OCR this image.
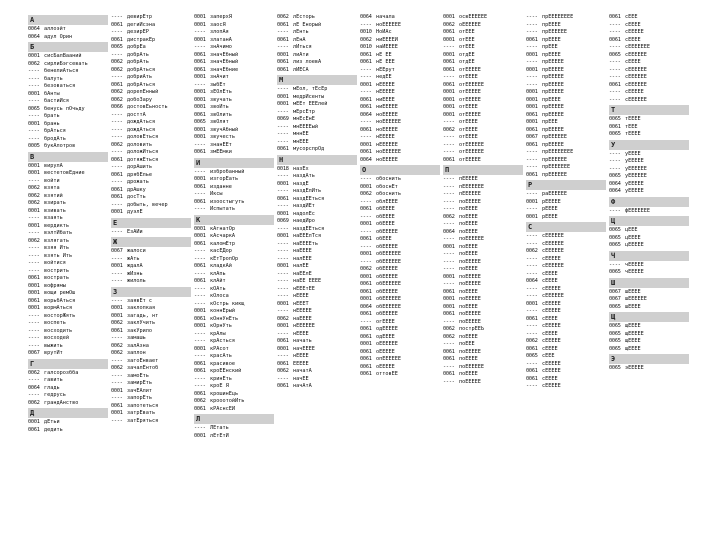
А
0064 аллоэйт
0064 адул Орин
Б
0001 сисБалВааний
0062 сирлиБэгсевать
---- бенелиАться
---- балуть
---- безоваться
0001 бАнты
---- бастиЙся
0065 бенусь пОчьду
---- брать
0001 брань
---- брАться
---- бродАть
0005 букАлотров
В
0001 вирулА
0001 вестетовЕдние
---- войти
0062 взята
0062 взятий
0062 взирать
0001 взивать
---- взаять
0001 вердикть
---- вэлтИбать
0062 взлягать
---- взяя Ить
---- взять Ить
---- войтися
---- вострить
0061 вострать
0001 вофрямы
0001 вощи ремОш
0061 ворьбАться
0001 вормАться
---- восторЖять
---- воспеть
---- восходить
---- восходей
---- выжить
0067 врутИт
Г
0062 галсорозбба
---- гавить
0064 гладь
---- гедрусь
0062 грандАнство
Д
0001 дЕтьи
0061 дедить
---- девирЕтр
0061 дегиЙсэна
---- дезирЕР
0061 дистракЕр
0065 добрЕа
---- добрАть
0062 добрАть
0062 добрАться
---- добриАть
0061 добрАться
0062 дорепЕнный
0062 добоЗару
0066 достовЕьность
---- досттА
---- дождАться
---- дождАться
---- доловЕться
0062 доловить
---- доложИться
0061 дотяжЕться
---- дорАшить
0061 дрябЕлье
---- дрожать
0061 дрАшку
0061 досТть
---- добыть, вечер
0001 дуэлЁ
Е
---- ЕзАЙи
Ж
0067 жалоси
---- жАть
0001 ждалА
---- жИзнь
---- жилоль
З
---- заявЕт с
0001 заклопкая
0001 загадь, нт
0062 заклУчить
0061 закУрило
---- замашь
0062 залАзна
0062 заплон
---- загоЕнвает
0062 зачалЕнтоб
---- замоЕть
---- замирЕть
0001 зачЕАлит
---- запорЕть
0061 запотеться
0001 затрЕвать
---- затЕряться
0001 заперхЯ
0001 заосЯ
---- злопАя
0001 златанА
---- знАчимо
0061 значЕбный
0061 значЕбный
0061 значЕбние
0001 знАчит
---- зыбЕт
0001 зЕОлЕть
0001 звучать
0001 звоИть
0061 звОлить
0065 звОлят
0001 звучАбный
0001 звучесть
---- знанЕЕт
0061 змЕЕмки
И
---- избробанный
0001 изгорЕать
0061 изданне
---- Иксы
0061 изоостыгуть
---- Испытать
К
0001 кАгнатОр
0001 кАсчаркА
0061 каломЕтр
---- касЕДор
---- кЕтТропОр
0061 кладкАй
---- клАпь
0061 клАйт
---- кОАть
---- кОлоса
---- кОстрь кикщ
0001 коннЕрый
0061 кОннУнЕть
0001 кОрнУть
---- крАлы
---- крАсться
0001 кРАсот
---- красАть
0061 красивое
0061 кроЕЕнский
---- кринЕть
---- кроЕ Я
0061 крошинЕць
0062 крооотойИть
0061 кРАснсЕЙ
Л
---- ЛЕтать
0001 лЕтЕтИ
0062 лЕсторь
0061 лЕ Енорый
---- лЕнть
0061 лЕнА
---- лИться
0001 лиАти
0061 лиз лоевА
0061 лИЕСА
М
---- мЕол, тЕсЕр
0001 медрИсенты
0001 мЕЕт ЕЕЕлей
---- мЕрсЕтр
0069 мнЕсЕнЕ
---- мнЕЕЕЕый
---- мннЕЕ
---- мнЕЕЕ
0061 мусорспрОд
Н
0018 назЕх
---- наздАть
0001 наздЕ
---- наздЕлИть
0061 наздЕЕться
---- наздИЕт
0001 надолЕс
0069 наедИро
---- наздЕЕться
0001 наЕЕЕлТся
---- наЕЕЕЕть
---- наЕЕЕЕ
---- налЕЕЕ
0001 налЕЕ
---- наЕЕлЕ
---- наЕЕ ЕЕЕЕ
---- нЕЕЕтЕЕ
---- нЕЕЕЕ
0001 нЕЕЕТ
---- нЕЕЕЕЕ
0062 наЕЕЕЕ
0001 нЕЕЕЕЕЕ
---- нЕЕЕЕ
0061 начать
0001 начЕЕЕЕ
---- нЕЕЕЕ
0061 ЕЕЕЕЕ
0062 начатА
---- начЕЕ
0061 начАтА
0064 начала
---- ноЕЕЕЕЕЕ
0010 НоЙАс
0062 ниЕЕЕЕЙ
0010 наИЕЕЕЕ
0061 нЕ ЕЕ
0061 нЕ ЕЕЕ
---- нЕЕрут
---- недЕЕ
0001 нЕЕЕЕЕ
---- нЕЕЕЕЕ
0061 ниЕЕЕЕ
0061 ниЕЕЕЕЕ
0064 ноЕЕЕЕЕ
---- ноЕЕЕЕЕЕ
0061 ноЕЕЕЕЕ
---- нЕЕЕЕЕ
0001 нЕЕЕЕЕЕ
0061 ноЕЕЕЕЕЕ
0064 ноЕЕЕЕЕ
О
---- обоснить
0001 обоснЕт
0062 обоснить
---- облЕЕЕЕ
0061 обЕЕЕЕ
---- обЕЕЕЕ
0001 обЕЕЕЕ
---- обЕЕЕЕЕ
0061 обЕЕЕ
---- обЕЕЕЕЕ
0001 обЕЕЕЕЕЕ
---- обЕЕЕЕЕЕ
0062 обЕЕЕЕЕ
0001 обЕЕЕЕЕ
0061 обЕЕЕЕЕЕ
0061 обЕЕЕЕЕ
0001 обЕЕЕЕЕЕ
0064 обЕЕЕЕЕЕ
0061 обЕЕЕЕЕ
---- огЕЕЕЕ
0061 одЕЕЕЕЕ
0061 одЕЕЕЕ
0001 оЕЕЕЕЕЕ
0061 оЕЕЕЕЕ
0061 опЕЕЕЕЕЕ
0061 оЕЕЕЕЕ
0061 оттовЕЕ
0001 освЕЕЕЕЕЕ
0062 оЕЕЕЕЕЕ
0061 отЕЕЕ
0001 отЕЕЕ
---- отЕЕЕ
0001 отдЕЕ
0061 отдЕЕ
0061 отЕЕЕЕЕ
---- отЕЕЕЕ
0061 отЕЕЕЕЕЕ
0001 отЕЕЕЕЕ
0001 отЕЕЕЕЕ
0001 отЕЕЕЕ
0001 отЕЕЕЕЕ
---- отЕЕЕЕ
0062 отЕЕЕЕ
---- отЕЕЕЕ
---- отЕЕЕЕЕЕ
---- отЕЕЕЕЕЕ
0061 отЕЕЕЕЕ
П
---- пЕЕЕЕЕ
---- пЕЕЕЕЕЕЕ
---- пЕЕЕЕЕЕ
---- поЕЕЕЕЕ
---- поЕЕЕЕ
0062 поЕЕЕЕ
---- поЕЕЕЕ
0064 поЕЕЕЕ
---- поЕЕЕЕЕЕ
0001 поЕЕЕЕ
---- поЕЕЕЕ
---- поЕЕЕЕЕ
---- поЕЕЕЕ
0001 поЕЕЕЕЕ
---- поЕЕЕЕЕ
0061 поЕЕЕЕ
0001 поЕЕЕЕЕ
0001 поЕЕЕЕ
0061 поЕЕЕЕЕ
---- поЕЕЕЕЕ
0062 пострЕЕЬ
0062 поЕЕЕЕ
---- поЕЕЕ
0061 поЕЕЕЕЕ
0061 поЕЕЕЕ
---- поЕЕЕЕЕЕ
0061 поЕЕЕЕ
---- поЕЕЕЕЕ
---- прЕЕЕЕЕЕЕЕ
---- прЕЕЕЕ
---- прЕЕЕЕЕЕ
0061 прЕЕЕЕ
---- прЕЕЕ
0001 прЕЕЕЕ
---- прЕЕЕЕЕ
0001 прЕЕЕЕЕ
---- прЕЕЕЕЕ
---- прЕЕЕЕЕ
0001 прЕЕЕЕЕ
0001 прЕЕЕЕ
0001 прЕЕЕЕЕ
0061 прЕЕЕЕЕ
0001 прЕЕЕ
0061 прЕЕЕЕЕ
0067 прЕЕЕЕЕЕ
0061 прЕЕЕЕЕ
---- прЕЕЕЕЕЕЕЕ
---- прЕЕЕЕЕЕ
---- прЕЕЕЕЕЕЕ
0061 прЕЕЕЕЕЕ
Р
---- раЕЕЕЕЕЕ
0001 рЕЕЕЕЕ
---- рЕЕЕЕ
0001 рЕЕЕЕ
С
---- сЕЕЕЕЕЕ
---- сЕЕЕЕЕЕ
0062 сЕЕЕЕЕЕ
---- сЕЕЕЕЕ
---- сЕЕЕЕЕЕ
---- сЕЕЕЕ
0064 сЕЕЕЕ
---- сЕЕЕЕЕ
---- сЕЕЕЕЕЕ
0001 сЕЕЕЕЕ
---- сЕЕЕЕЕ
0061 сЕЕЕЕ
---- сЕЕЕЕЕ
---- сЕЕЕЕ
0062 сЕЕЕЕЕ
0061 сЕЕЕЕ
0065 сЕЕЕ
---- сЕЕЕЕЕ
0061 сЕЕЕЕЕ
0061 сЕЕЕЕ
---- сЕЕЕЕЕ
0061 сЕЕЕ
---- сЕЕЕЕ
---- сЕЕЕЕЕ
0061 сЕЕЕЕ
---- сЕЕЕЕЕЕЕ
0065 сЕЕЕЕЕЕ
---- сЕЕЕЕ
---- сЕЕЕЕЕЕ
---- сЕЕЕЕЕЕ
0061 сЕЕЕЕЕЕ
---- сЕЕЕЕЕ
---- сЕЕЕЕЕЕ
Т
0065 тЕЕЕЕ
0061 тЕЕЕ
0065 тЕЕЕЕ
У
---- уЕЕЕЕ
---- уЕЕЕЕЕ
---- уЕЕЕЕЕЕ
0065 уЕЕЕЕЕЕ
0064 уЕЕЕЕЕ
0064 уЕЕЕЕЕ
Ф
---- фЕЕЕЕЕЕЕ
Ц
0065 цЕЕЕ
0065 цЕЕЕЕ
0065 цЕЕЕЕЕ
Ч
---- чЕЕЕЕЕ
0065 чЕЕЕЕЕ
Ш
0067 шЕЕЕЕ
0067 шЕЕЕЕЕЕ
0065 шЕЕЕЕ
Щ
0065 щЕЕЕЕ
0065 щЕЕЕЕЕ
0065 щЕЕЕЕ
0065 щЕЕЕЕ
Э
0065 эЕЕЕЕЕ
